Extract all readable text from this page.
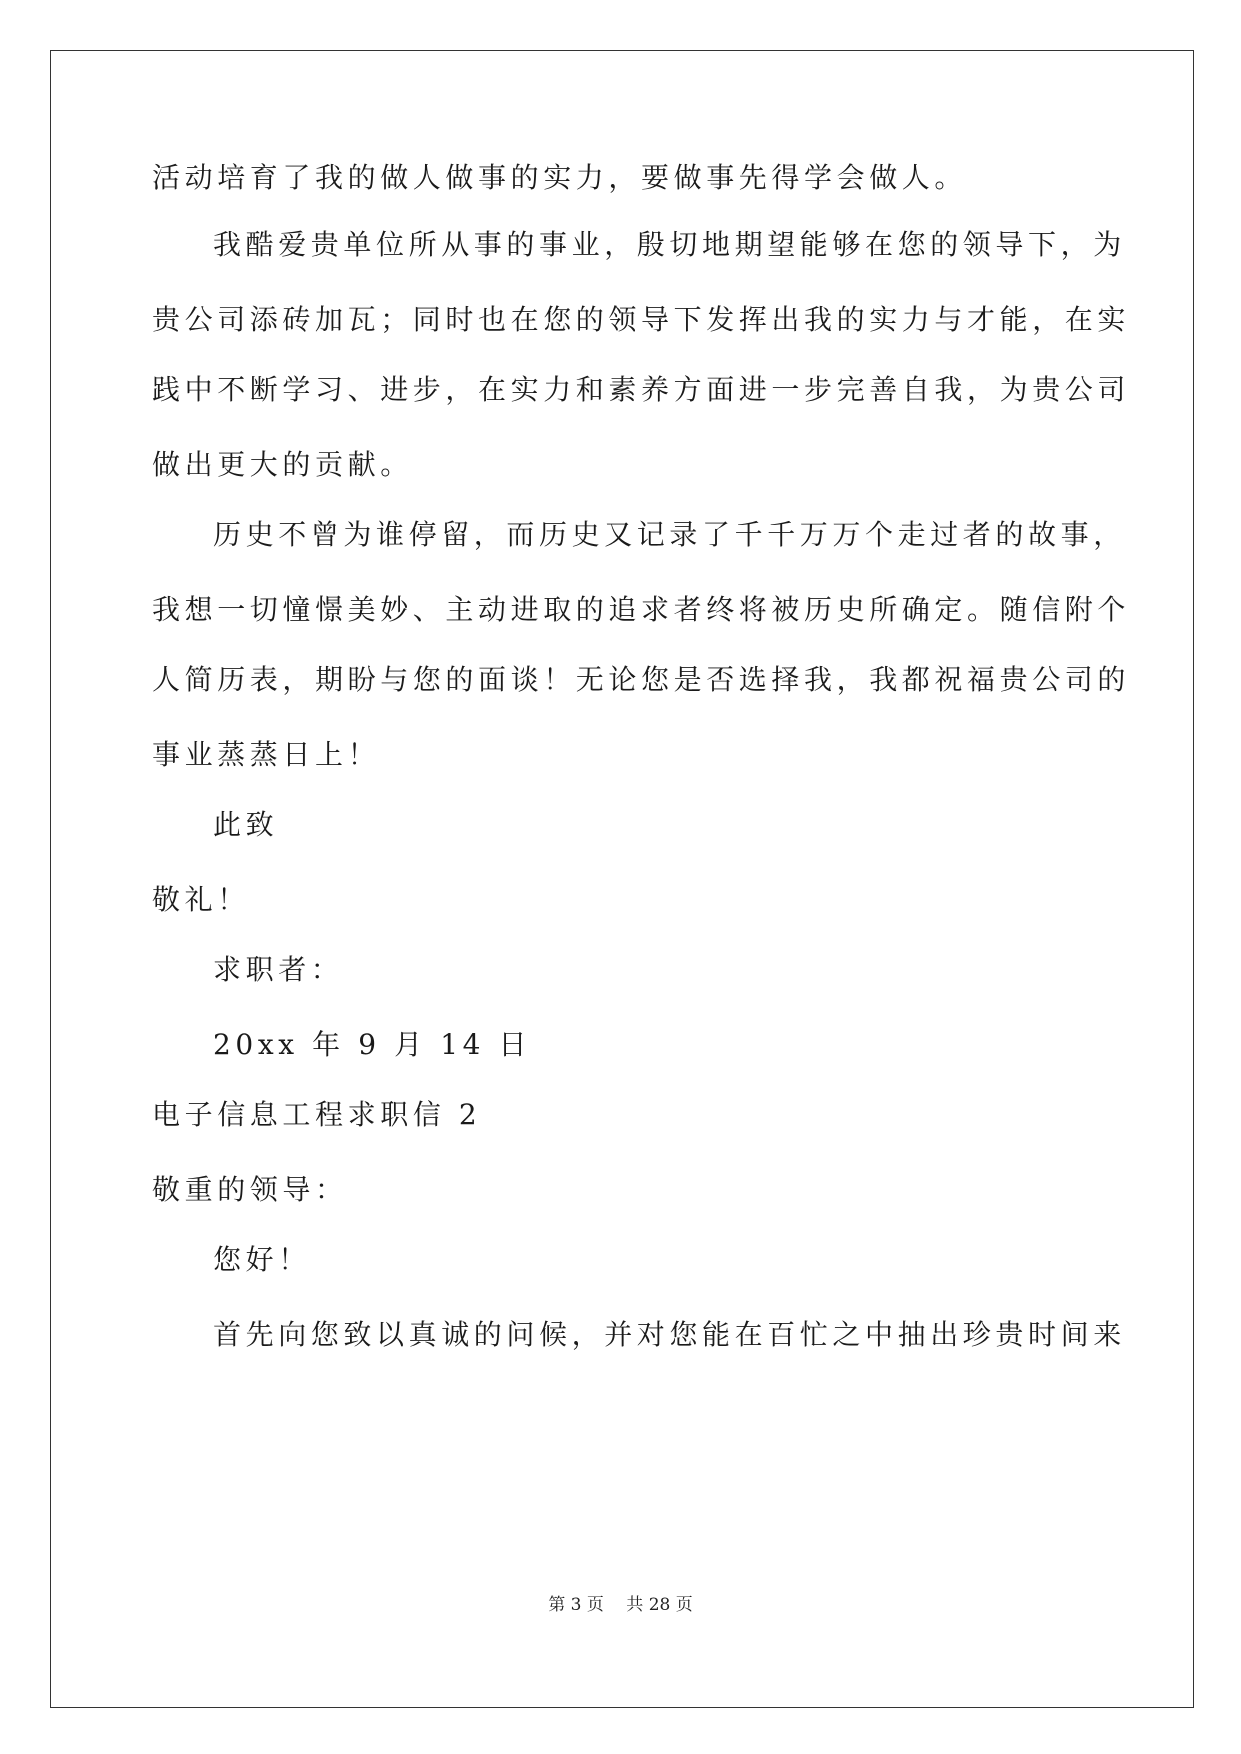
活动培育了我的做人做事的实力，要做事先得学会做人。
我酷爱贵单位所从事的事业，殷切地期望能够在您的领导下，为
贵公司添砖加瓦；同时也在您的领导下发挥出我的实力与才能，在实
践中不断学习、进步，在实力和素养方面进一步完善自我，为贵公司
做出更大的贡献。
历史不曾为谁停留，而历史又记录了千千万万个走过者的故事，
我想一切憧憬美妙、主动进取的追求者终将被历史所确定。随信附个
人简历表，期盼与您的面谈！无论您是否选择我，我都祝福贵公司的
事业蒸蒸日上！
此致
敬礼！
求职者：
20xx 年 9 月 14 日
电子信息工程求职信 2
敬重的领导：
您好！
首先向您致以真诚的问候，并对您能在百忙之中抽出珍贵时间来
第 3 页　 共 28 页
